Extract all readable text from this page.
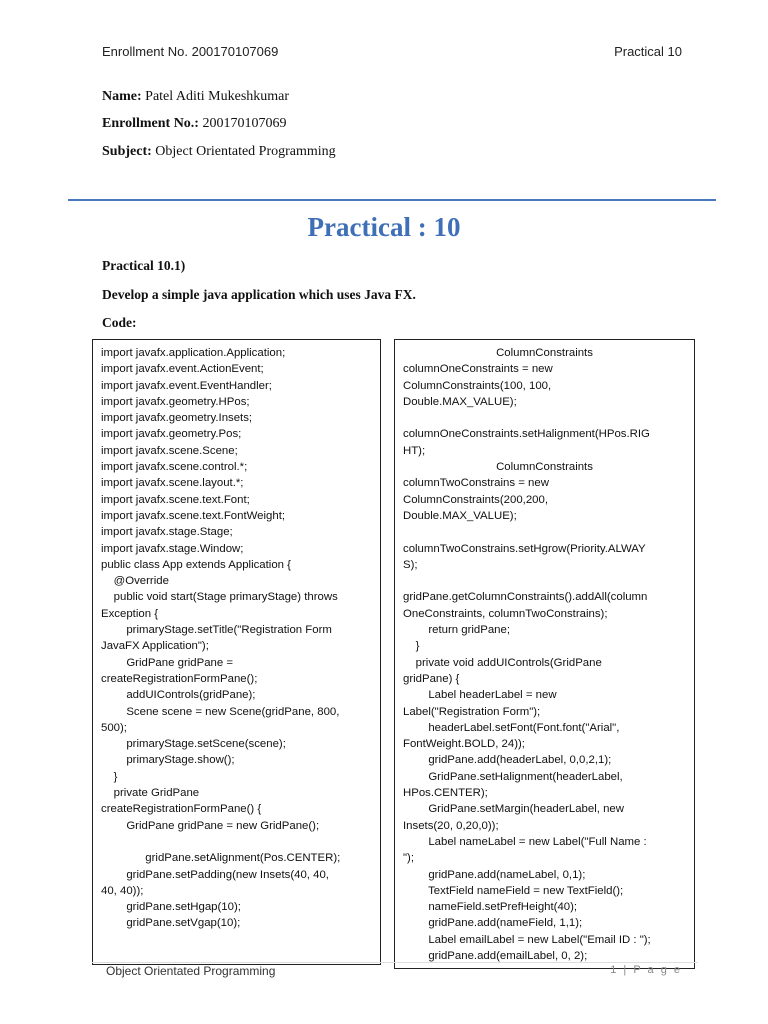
Enrollment No. 200170107069	Practical 10
Name: Patel Aditi Mukeshkumar
Enrollment No.: 200170107069
Subject: Object Orientated Programming
Practical : 10
Practical 10.1)
Develop a simple java application which uses Java FX.
Code:
import javafx.application.Application;
import javafx.event.ActionEvent;
import javafx.event.EventHandler;
import javafx.geometry.HPos;
import javafx.geometry.Insets;
import javafx.geometry.Pos;
import javafx.scene.Scene;
import javafx.scene.control.*;
import javafx.scene.layout.*;
import javafx.scene.text.Font;
import javafx.scene.text.FontWeight;
import javafx.stage.Stage;
import javafx.stage.Window;
public class App extends Application {
@Override
public void start(Stage primaryStage) throws
Exception {
primaryStage.setTitle("Registration Form
JavaFX Application");
GridPane gridPane =
createRegistrationFormPane();
addUIControls(gridPane);
Scene scene = new Scene(gridPane, 800,
500);
primaryStage.setScene(scene);
primaryStage.show();
}
private GridPane
createRegistrationFormPane() {
GridPane gridPane = new GridPane();

gridPane.setAlignment(Pos.CENTER);
gridPane.setPadding(new Insets(40, 40,
40, 40));
gridPane.setHgap(10);
gridPane.setVgap(10);
ColumnConstraints
columnOneConstraints = new
ColumnConstraints(100, 100,
Double.MAX_VALUE);

columnOneConstraints.setHalignment(HPos.RIG
HT);
ColumnConstraints
columnTwoConstrains = new
ColumnConstraints(200,200,
Double.MAX_VALUE);

columnTwoConstrains.setHgrow(Priority.ALWAY
S);

gridPane.getColumnConstraints().addAll(column
OneConstraints, columnTwoConstrains);
return gridPane;
}
private void addUIControls(GridPane
gridPane) {
Label headerLabel = new
Label("Registration Form");
headerLabel.setFont(Font.font("Arial",
FontWeight.BOLD, 24));
gridPane.add(headerLabel, 0,0,2,1);
GridPane.setHalignment(headerLabel,
HPos.CENTER);
GridPane.setMargin(headerLabel, new
Insets(20, 0,20,0));
Label nameLabel = new Label("Full Name :
");
gridPane.add(nameLabel, 0,1);
TextField nameField = new TextField();
nameField.setPrefHeight(40);
gridPane.add(nameField, 1,1);
Label emailLabel = new Label("Email ID : ");
gridPane.add(emailLabel, 0, 2);
Object Orientated Programming	1 | P a g e
